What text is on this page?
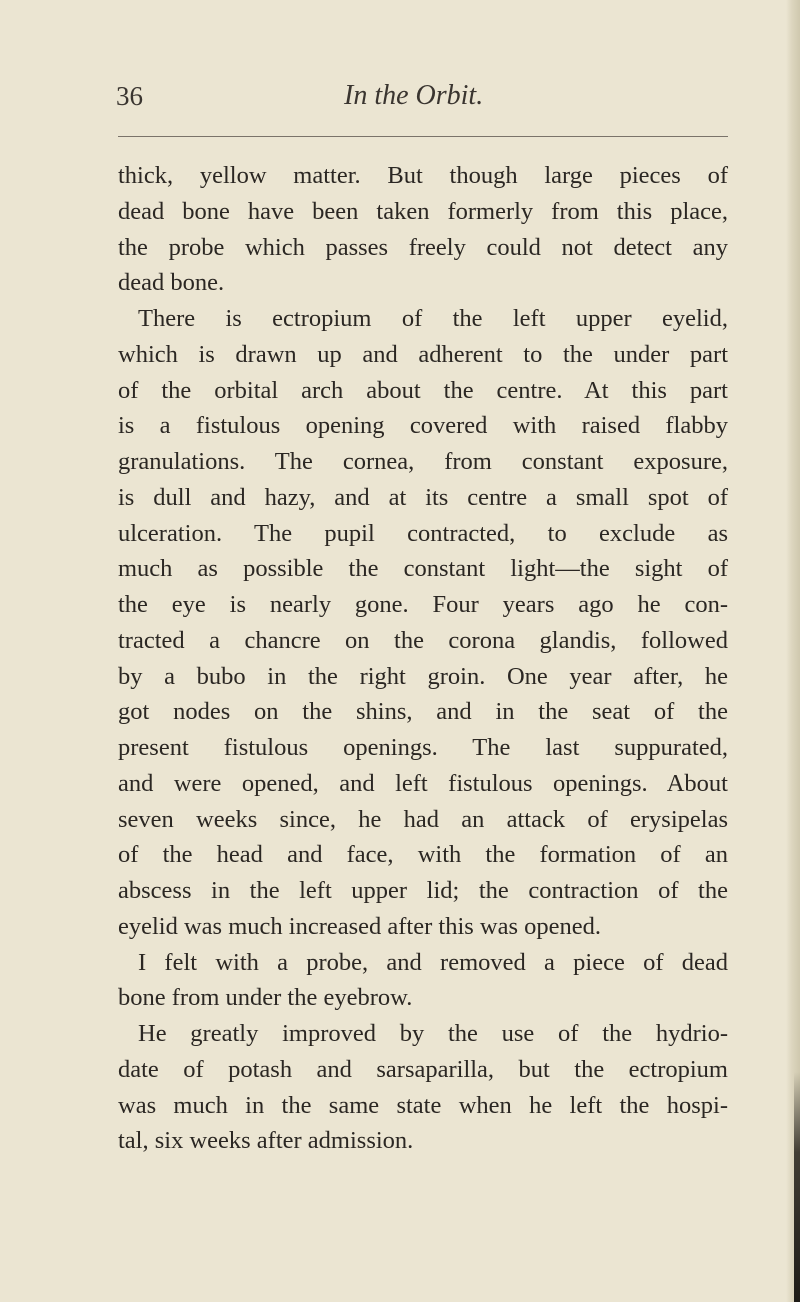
36	In the Orbit.
thick, yellow matter. But though large pieces of
dead bone have been taken formerly from this place,
the probe which passes freely could not detect any
dead bone.
There is ectropium of the left upper eyelid,
which is drawn up and adherent to the under part
of the orbital arch about the centre. At this part
is a fistulous opening covered with raised flabby
granulations. The cornea, from constant exposure,
is dull and hazy, and at its centre a small spot of
ulceration. The pupil contracted, to exclude as
much as possible the constant light—the sight of
the eye is nearly gone. Four years ago he con-
tracted a chancre on the corona glandis, followed
by a bubo in the right groin. One year after, he
got nodes on the shins, and in the seat of the
present fistulous openings. The last suppurated,
and were opened, and left fistulous openings. About
seven weeks since, he had an attack of erysipelas
of the head and face, with the formation of an
abscess in the left upper lid; the contraction of the
eyelid was much increased after this was opened.
I felt with a probe, and removed a piece of dead
bone from under the eyebrow.
He greatly improved by the use of the hydrio-
date of potash and sarsaparilla, but the ectropium
was much in the same state when he left the hospi-
tal, six weeks after admission.
